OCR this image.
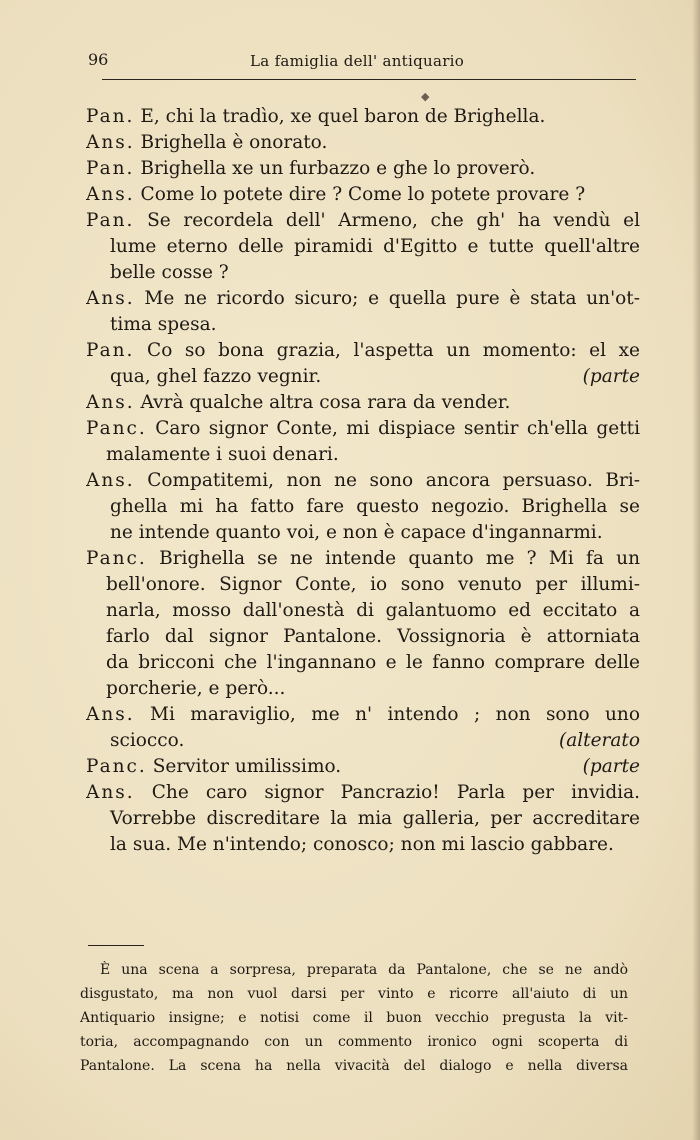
96	La famiglia dell' antiquario
◆
Pan. E, chi la tradìo, xe quel baron de Brighella.
Ans. Brighella è onorato.
Pan. Brighella xe un furbazzo e ghe lo proverò.
Ans. Come lo potete dire ? Come lo potete provare ?
Pan. Se recordela dell' Armeno, che gh' ha vendù el
lume eterno delle piramidi d'Egitto e tutte quell'altre
belle cosse ?
Ans. Me ne ricordo sicuro; e quella pure è stata un'ot-
tima spesa.
Pan. Co so bona grazia, l'aspetta un momento: el xe
qua, ghel fazzo vegnir.	(parte
Ans. Avrà qualche altra cosa rara da vender.
Panc. Caro signor Conte, mi dispiace sentir ch'ella getti
malamente i suoi denari.
Ans. Compatitemi, non ne sono ancora persuaso. Bri-
ghella mi ha fatto fare questo negozio. Brighella se
ne intende quanto voi, e non è capace d'ingannarmi.
Panc. Brighella se ne intende quanto me ? Mi fa un
bell'onore. Signor Conte, io sono venuto per illumi-
narla, mosso dall'onestà di galantuomo ed eccitato a
farlo dal signor Pantalone. Vossignoria è attorniata
da bricconi che l'ingannano e le fanno comprare delle
porcherie, e però...
Ans. Mi maraviglio, me n' intendo ; non sono uno
sciocco.	(alterato
Panc. Servitor umilissimo.	(parte
Ans. Che caro signor Pancrazio! Parla per invidia.
Vorrebbe discreditare la mia galleria, per accreditare
la sua. Me n'intendo; conosco; non mi lascio gabbare.
È una scena a sorpresa, preparata da Pantalone, che se ne andò
disgustato, ma non vuol darsi per vinto e ricorre all'aiuto di un
Antiquario insigne; e notisi come il buon vecchio pregusta la vit-
toria, accompagnando con un commento ironico ogni scoperta di
Pantalone. La scena ha nella vivacità del dialogo e nella diversa
